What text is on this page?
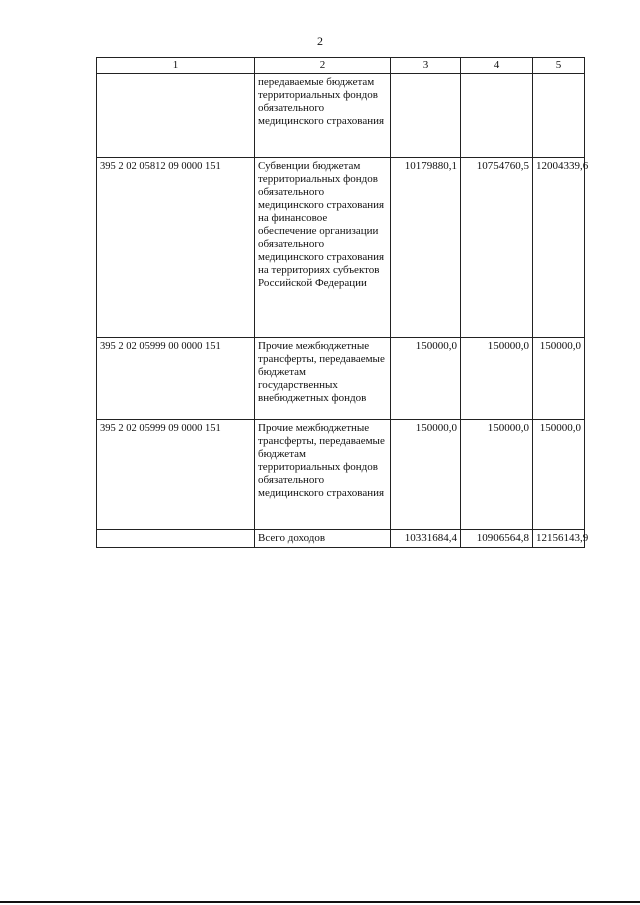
2
1	2	3	4	5
	передаваемые бюджетам территориальных фондов обязательного медицинского страхования			
395 2 02 05812 09 0000 151	Субвенции бюджетам территориальных фондов обязательного медицинского страхования на финансовое обеспечение организации обязательного медицинского страхования на территориях субъектов Российской Федерации	10179880,1	10754760,5	12004339,6
395 2 02 05999 00 0000 151	Прочие межбюджетные трансферты, передаваемые бюджетам государственных внебюджетных фондов	150000,0	150000,0	150000,0
395 2 02 05999 09 0000 151	Прочие межбюджетные трансферты, передаваемые бюджетам территориальных фондов обязательного медицинского страхования	150000,0	150000,0	150000,0
	Всего доходов	10331684,4	10906564,8	12156143,9
